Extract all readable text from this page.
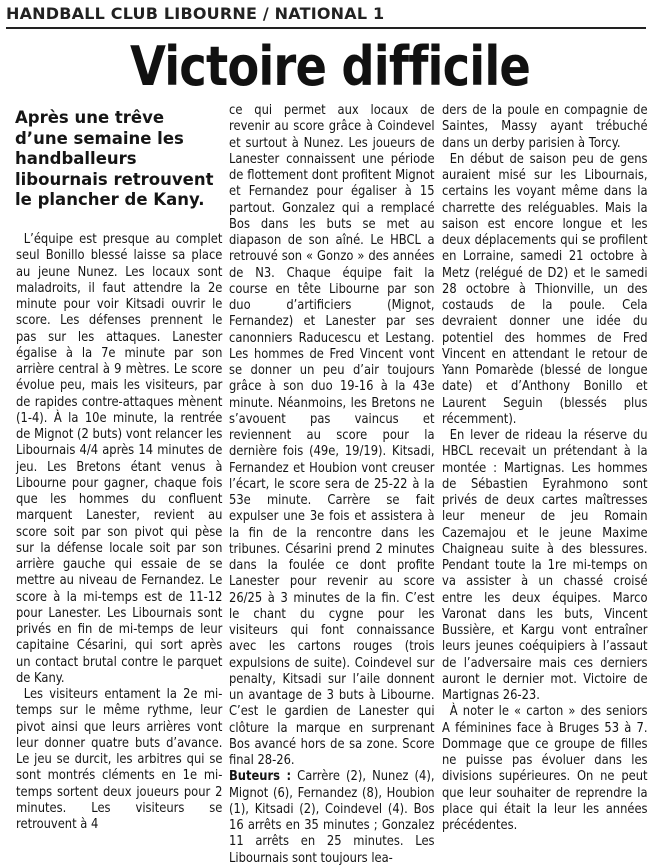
HANDBALL CLUB LIBOURNE / NATIONAL 1
Victoire difficile
Après une trêve d’une semaine les handballeurs libournais retrouvent le plancher de Kany.

L’équipe est presque au complet seul Bonillo blessé laisse sa place au jeune Nunez. Les locaux sont maladroits, il faut attendre la 2e minute pour voir Kitsadi ouvrir le score. Les défenses prennent le pas sur les attaques. Lanester égalise à la 7e minute par son arrière central à 9 mètres. Le score évolue peu, mais les visiteurs, par de rapides contre-attaques mènent (1-4). À la 10e minute, la rentrée de Mignot (2 buts) vont relancer les Libournais 4/4 après 14 minutes de jeu. Les Bretons étant venus à Libourne pour gagner, chaque fois que les hommes du confluent marquent Lanester, revient au score soit par son pivot qui pèse sur la défense locale soit par son arrière gauche qui essaie de se mettre au niveau de Fernandez. Le score à la mi-temps est de 11-12 pour Lanester. Les Libournais sont privés en fin de mi-temps de leur capitaine Césarini, qui sort après un contact brutal contre le parquet de Kany.

Les visiteurs entament la 2e mi-temps sur le même rythme, leur pivot ainsi que leurs arrières vont leur donner quatre buts d’avance. Le jeu se durcit, les arbitres qui se sont montrés cléments en 1e mi-temps sortent deux joueurs pour 2 minutes. Les visiteurs se retrouvent à 4

ce qui permet aux locaux de revenir au score grâce à Coindevel et surtout à Nunez. Les joueurs de Lanester connaissent une période de flottement dont profitent Mignot et Fernandez pour égaliser à 15 partout. Gonzalez qui a remplacé Bos dans les buts se met au diapason de son aîné. Le HBCL a retrouvé son « Gonzo » des années de N3. Chaque équipe fait la course en tête Libourne par son duo d’artificiers (Mignot, Fernandez) et Lanester par ses canonniers Raducescu et Lestang. Les hommes de Fred Vincent vont se donner un peu d’air toujours grâce à son duo 19-16 à la 43e minute. Néanmoins, les Bretons ne s’avouent pas vaincus et reviennent au score pour la dernière fois (49e, 19/19). Kitsadi, Fernandez et Houbion vont creuser l’écart, le score sera de 25-22 à la 53e minute. Carrère se fait expulser une 3e fois et assistera à la fin de la rencontre dans les tribunes. Césarini prend 2 minutes dans la foulée ce dont profite Lanester pour revenir au score 26/25 à 3 minutes de la fin. C’est le chant du cygne pour les visiteurs qui font connaissance avec les cartons rouges (trois expulsions de suite). Coindevel sur penalty, Kitsadi sur l’aile donnent un avantage de 3 buts à Libourne. C’est le gardien de Lanester qui clôture la marque en surprenant Bos avancé hors de sa zone. Score final 28-26.

Buteurs : Carrère (2), Nunez (4), Mignot (6), Fernandez (8), Houbion (1), Kitsadi (2), Coindevel (4). Bos 16 arrêts en 35 minutes ; Gonzalez 11 arrêts en 25 minutes. Les Libournais sont toujours lea-

ders de la poule en compagnie de Saintes, Massy ayant trébuché dans un derby parisien à Torcy.

En début de saison peu de gens auraient misé sur les Libournais, certains les voyant même dans la charrette des reléguables. Mais la saison est encore longue et les deux déplacements qui se profilent en Lorraine, samedi 21 octobre à Metz (relégué de D2) et le samedi 28 octobre à Thionville, un des costauds de la poule. Cela devraient donner une idée du potentiel des hommes de Fred Vincent en attendant le retour de Yann Pomarède (blessé de longue date) et d’Anthony Bonillo et Laurent Seguin (blessés plus récemment).

En lever de rideau la réserve du HBCL recevait un prétendant à la montée : Martignas. Les hommes de Sébastien Eyrahmono sont privés de deux cartes maîtresses leur meneur de jeu Romain Cazemajou et le jeune Maxime Chaigneau suite à des blessures. Pendant toute la 1re mi-temps on va assister à un chassé croisé entre les deux équipes. Marco Varonat dans les buts, Vincent Bussière, et Kargu vont entraîner leurs jeunes coéquipiers à l’assaut de l’adversaire mais ces derniers auront le dernier mot. Victoire de Martignas 26-23.

À noter le « carton » des seniors A féminines face à Bruges 53 à 7. Dommage que ce groupe de filles ne puisse pas évoluer dans les divisions supérieures. On ne peut que leur souhaiter de reprendre la place qui était la leur les années précédentes.
